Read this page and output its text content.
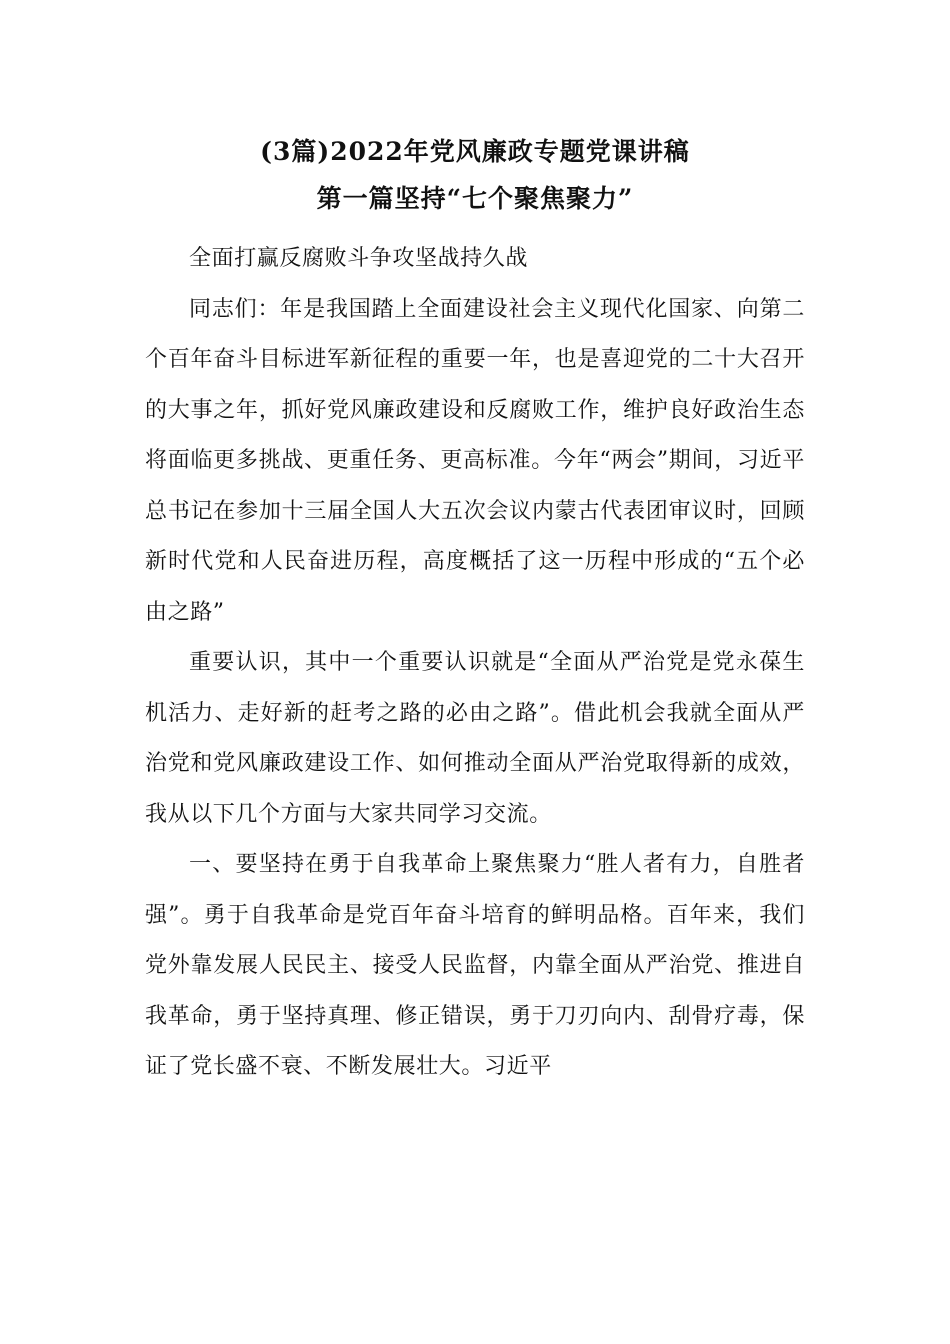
(3篇)2022年党风廉政专题党课讲稿
第一篇坚持“七个聚焦聚力”

全面打赢反腐败斗争攻坚战持久战

同志们：年是我国踏上全面建设社会主义现代化国家、向第二个百年奋斗目标进军新征程的重要一年，也是喜迎党的二十大召开的大事之年，抓好党风廉政建设和反腐败工作，维护良好政治生态将面临更多挑战、更重任务、更高标准。今年“两会”期间，习近平总书记在参加十三届全国人大五次会议内蒙古代表团审议时，回顾新时代党和人民奋进历程，高度概括了这一历程中形成的“五个必由之路”

重要认识，其中一个重要认识就是“全面从严治党是党永葆生机活力、走好新的赶考之路的必由之路”。借此机会我就全面从严治党和党风廉政建设工作、如何推动全面从严治党取得新的成效，我从以下几个方面与大家共同学习交流。

一、要坚持在勇于自我革命上聚焦聚力“胜人者有力，自胜者强”。勇于自我革命是党百年奋斗培育的鲜明品格。百年来，我们党外靠发展人民民主、接受人民监督，内靠全面从严治党、推进自我革命，勇于坚持真理、修正错误，勇于刀刃向内、刮骨疗毒，保证了党长盛不衰、不断发展壮大。习近平
